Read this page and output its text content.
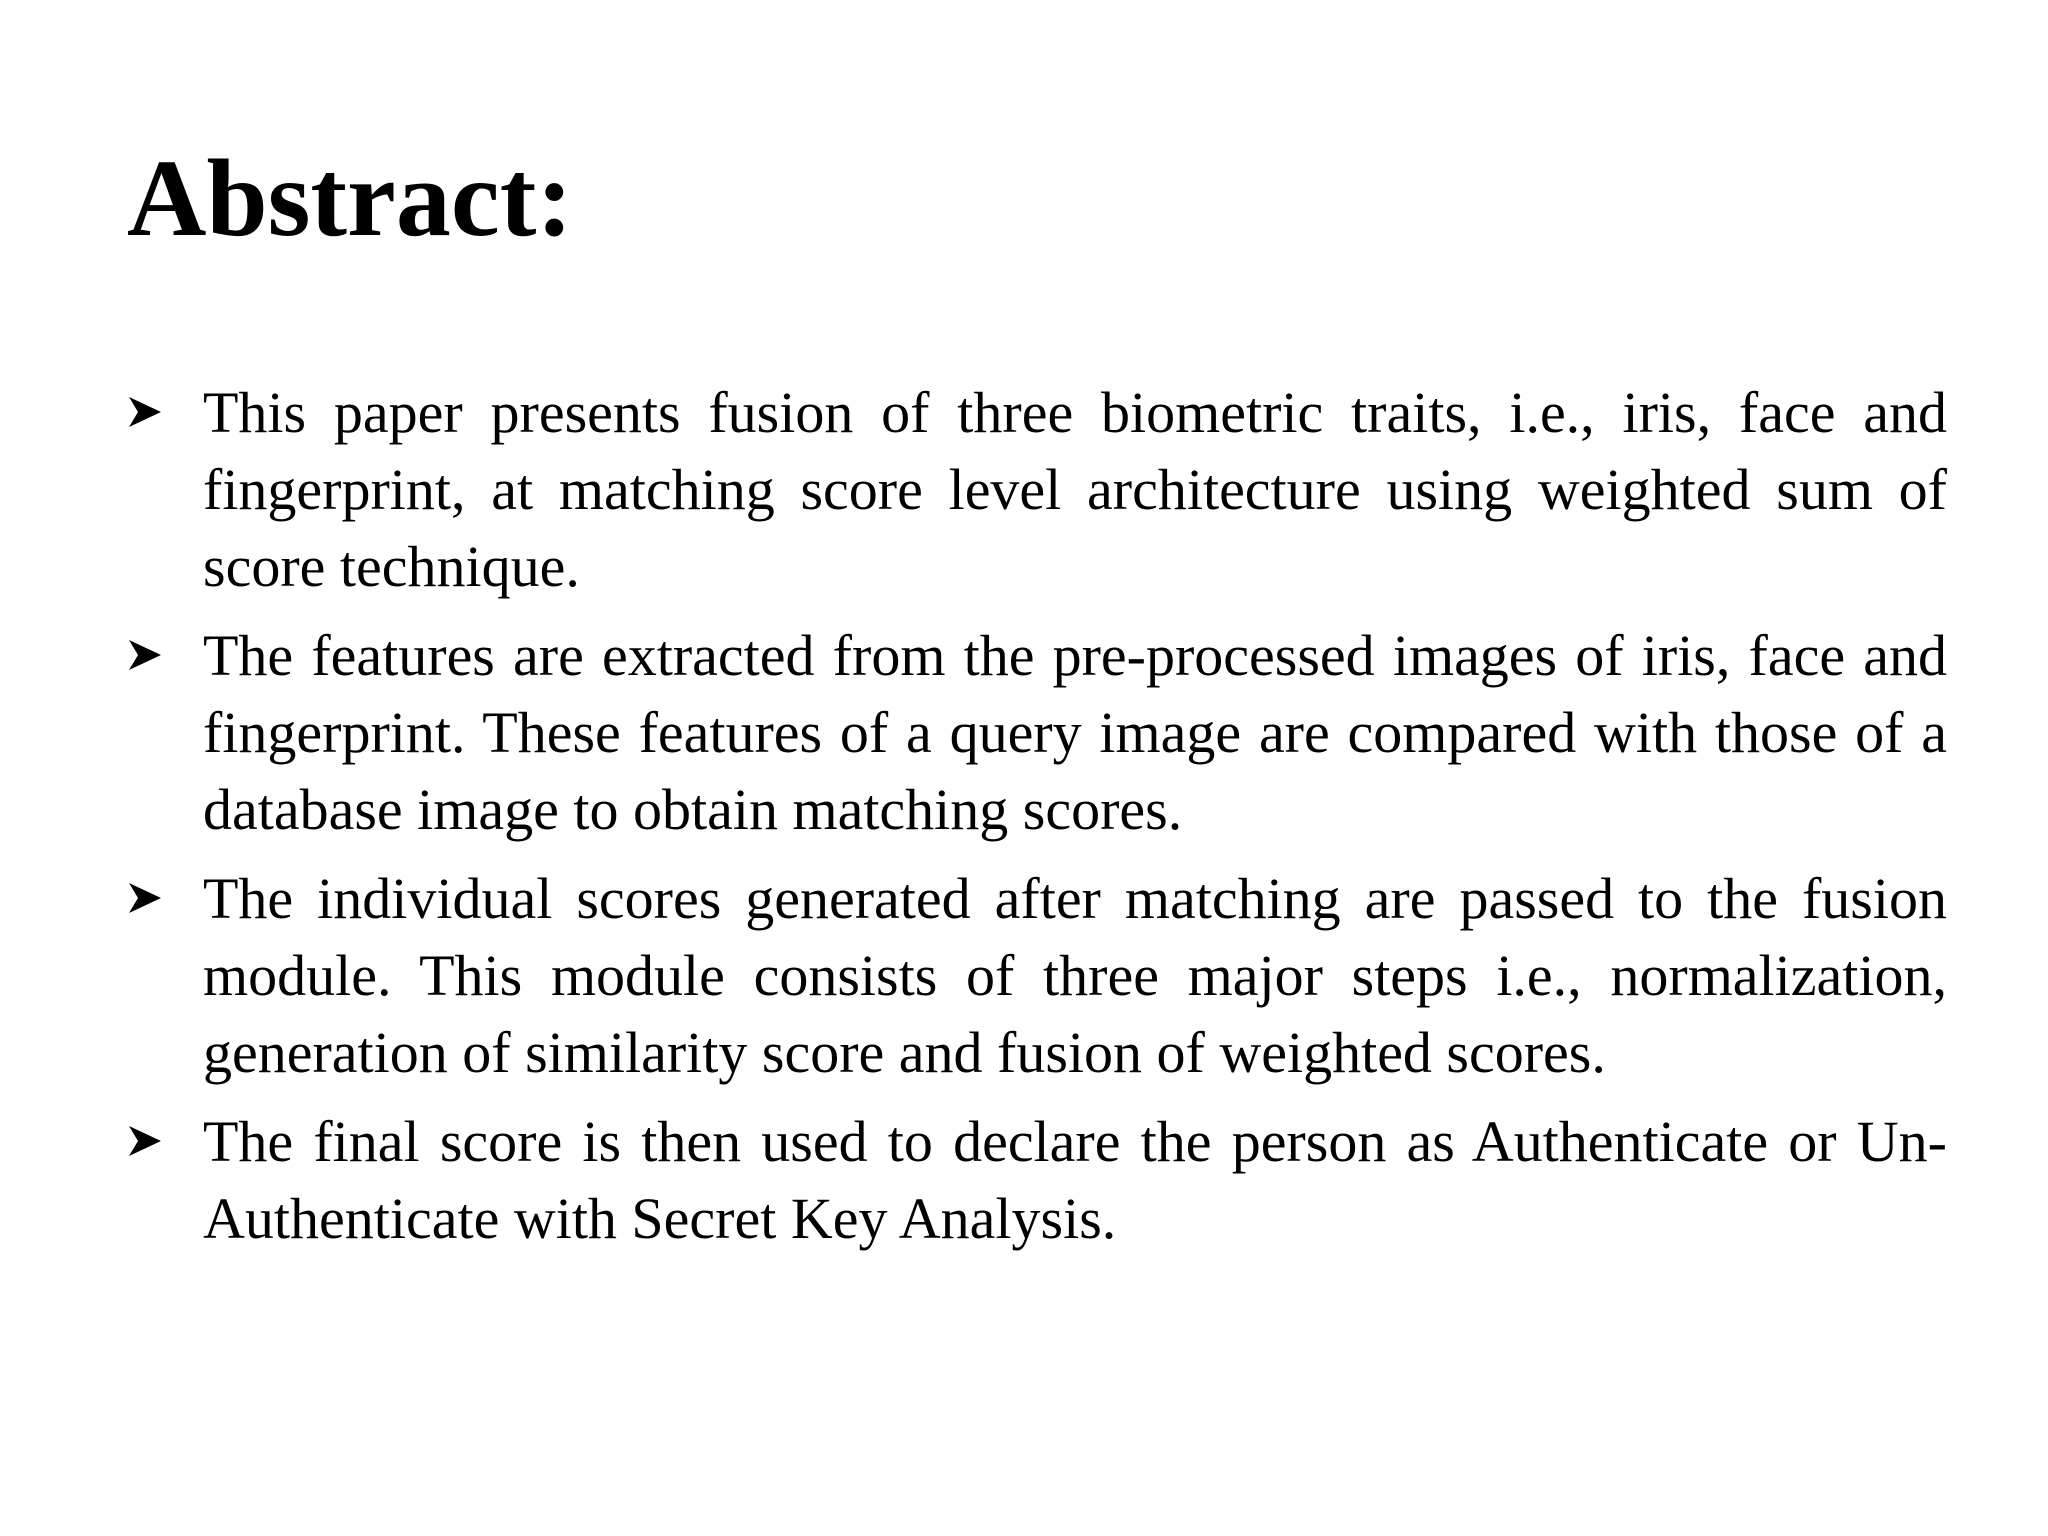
Abstract:
This paper presents fusion of three biometric traits, i.e., iris, face and fingerprint, at matching score level architecture using weighted sum of score technique.
The features are extracted from the pre-processed images of iris, face and fingerprint. These features of a query image are compared with those of a database image to obtain matching scores.
The individual scores generated after matching are passed to the fusion module. This module consists of three major steps i.e., normalization, generation of similarity score and fusion of weighted scores.
The final score is then used to declare the person as Authenticate or Un-Authenticate with Secret Key Analysis.
